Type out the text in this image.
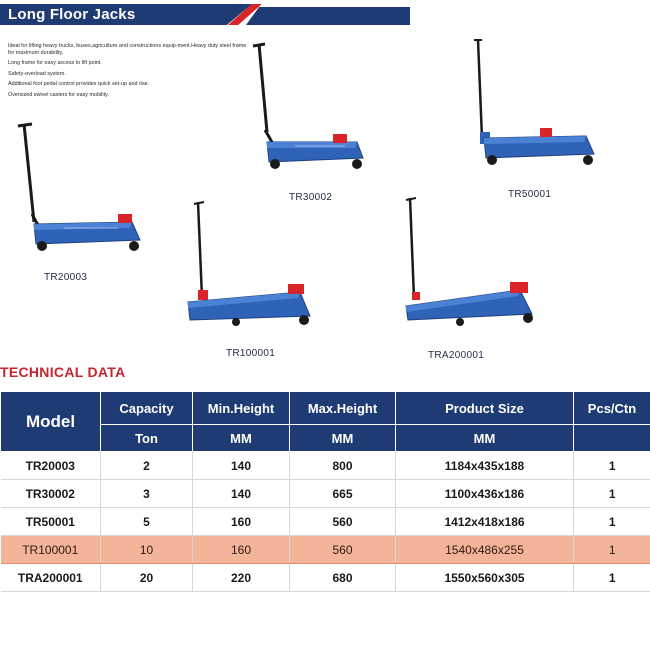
Long Floor Jacks
Ideal for lifting heavy trucks, buses,agriculture and constructions equip-ment.Heavy duty steel frame for maximum durability.
Long frame for easy access to lift point.
Safety-overload system.
Additional foot pedal control provides quick set-up and rise.
Oversized swivel casters for easy mobility.
TR30002	TR50001
TR20003
TR100001	TRA200001
TECHNICAL DATA
Model	Capacity	Min.Height	Max.Height	Product Size	Pcs/Ctn
	Ton	MM	MM	MM	
TR20003	2	140	800	1184x435x188	1
TR30002	3	140	665	1100x436x186	1
TR50001	5	160	560	1412x418x186	1
TR100001	10	160	560	1540x486x255	1
TRA200001	20	220	680	1550x560x305	1
